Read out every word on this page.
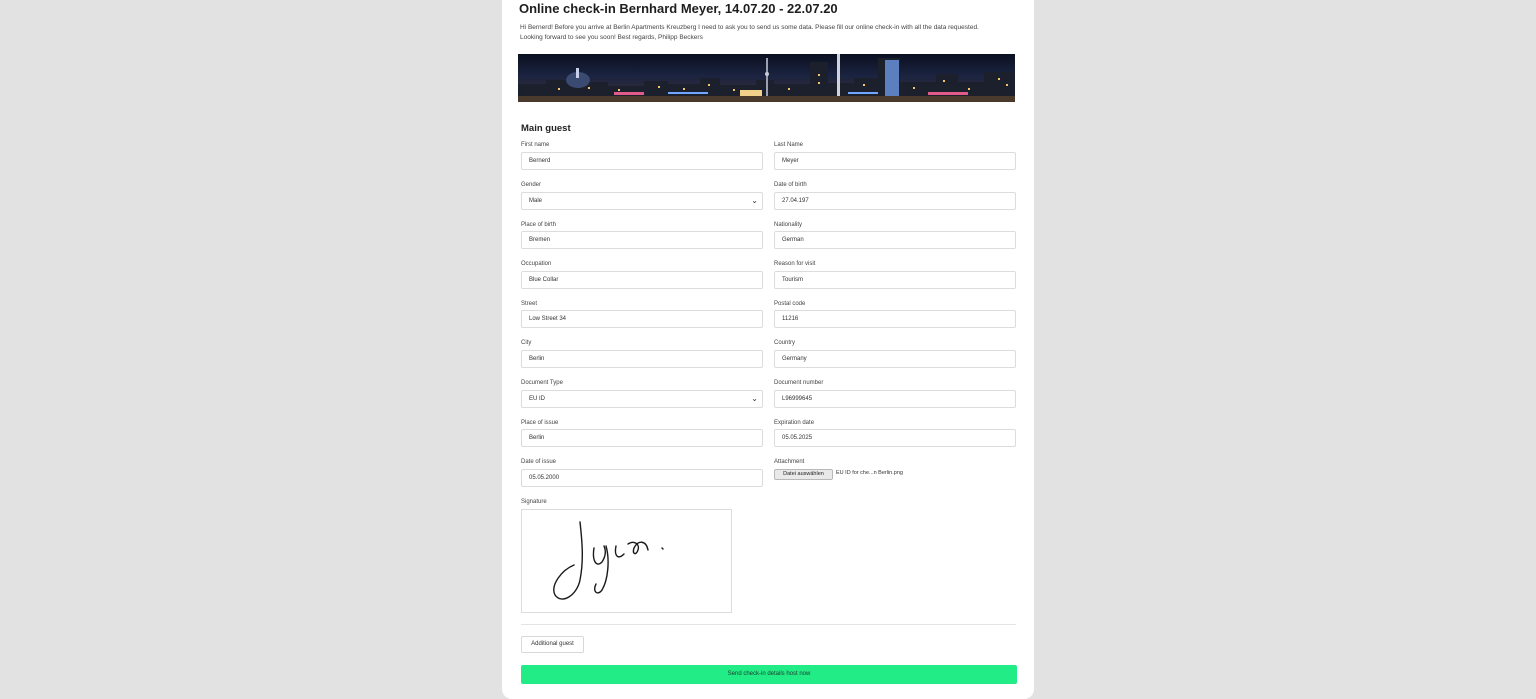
Online check-in Bernhard Meyer, 14.07.20 - 22.07.20
Hi Bernerd! Before you arrive at Berlin Apartments Kreuzberg I need to ask you to send us some data. Please fill our online check-in with all the data requested.
Looking forward to see you soon! Best regards, Philipp Beckers
Main guest
First name
Bernerd
Last Name
Meyer
Gender
Male	⌄
Date of birth
27.04.197
Place of birth
Bremen
Nationality
German
Occupation
Blue Collar
Reason for visit
Tourism
Street
Low Street 34
Postal code
11216
City
Berlin
Country
Germany
Document Type
EU ID	⌄
Document number
L96999645
Place of issue
Berlin
Expiration date
05.05.2025
Date of issue
05.05.2000
Attachment
Datei auswählen	EU ID for che...n Berlin.png
Signature
Additional guest
Send check-in details host now
